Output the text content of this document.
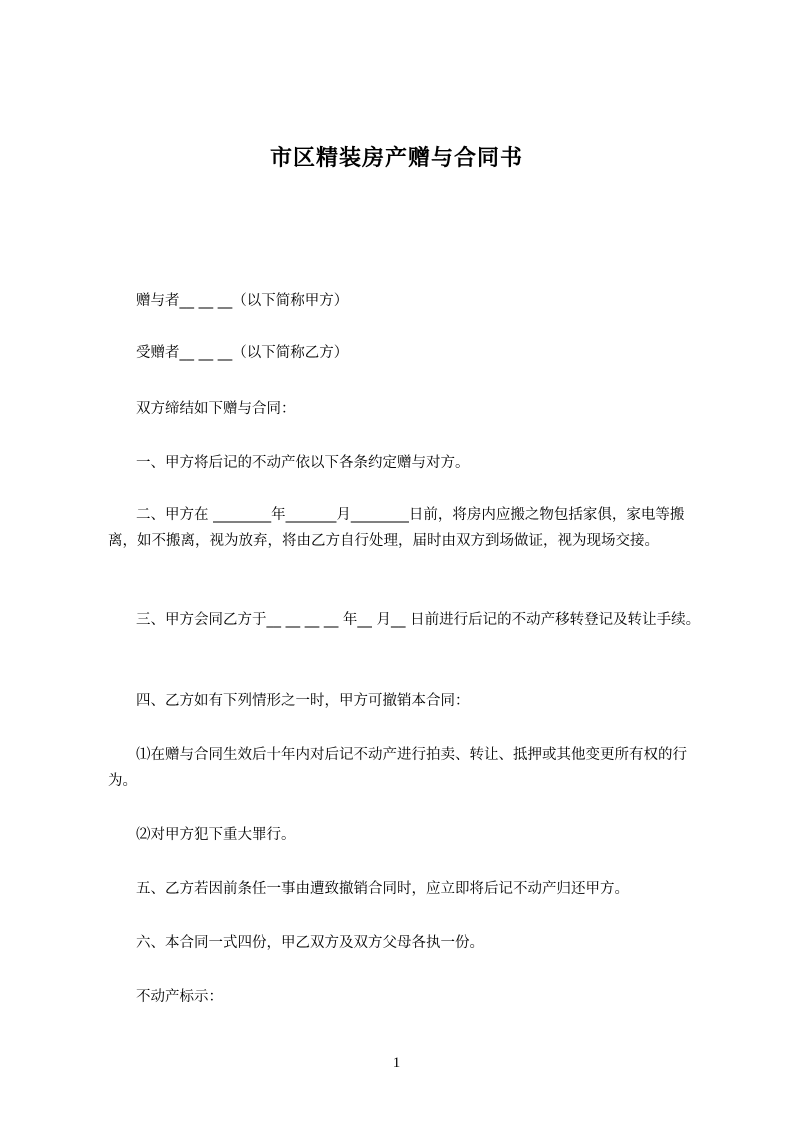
市区精装房产赠与合同书
赠与者__ __ __（以下简称甲方）
受赠者__ __ __（以下简称乙方）
双方缔结如下赠与合同：
一、甲方将后记的不动产依以下各条约定赠与对方。
二、甲方在 ________年_______月________日前，将房内应搬之物包括家俱，家电等搬离，如不搬离，视为放弃，将由乙方自行处理，届时由双方到场做证，视为现场交接。
三、甲方会同乙方于__ __ __ __ 年__ 月__ 日前进行后记的不动产移转登记及转让手续。
四、乙方如有下列情形之一时，甲方可撤销本合同：
⑴在赠与合同生效后十年内对后记不动产进行拍卖、转让、抵押或其他变更所有权的行为。
⑵对甲方犯下重大罪行。
五、乙方若因前条任一事由遭致撤销合同时，应立即将后记不动产归还甲方。
六、本合同一式四份，甲乙双方及双方父母各执一份。
不动产标示：
1
